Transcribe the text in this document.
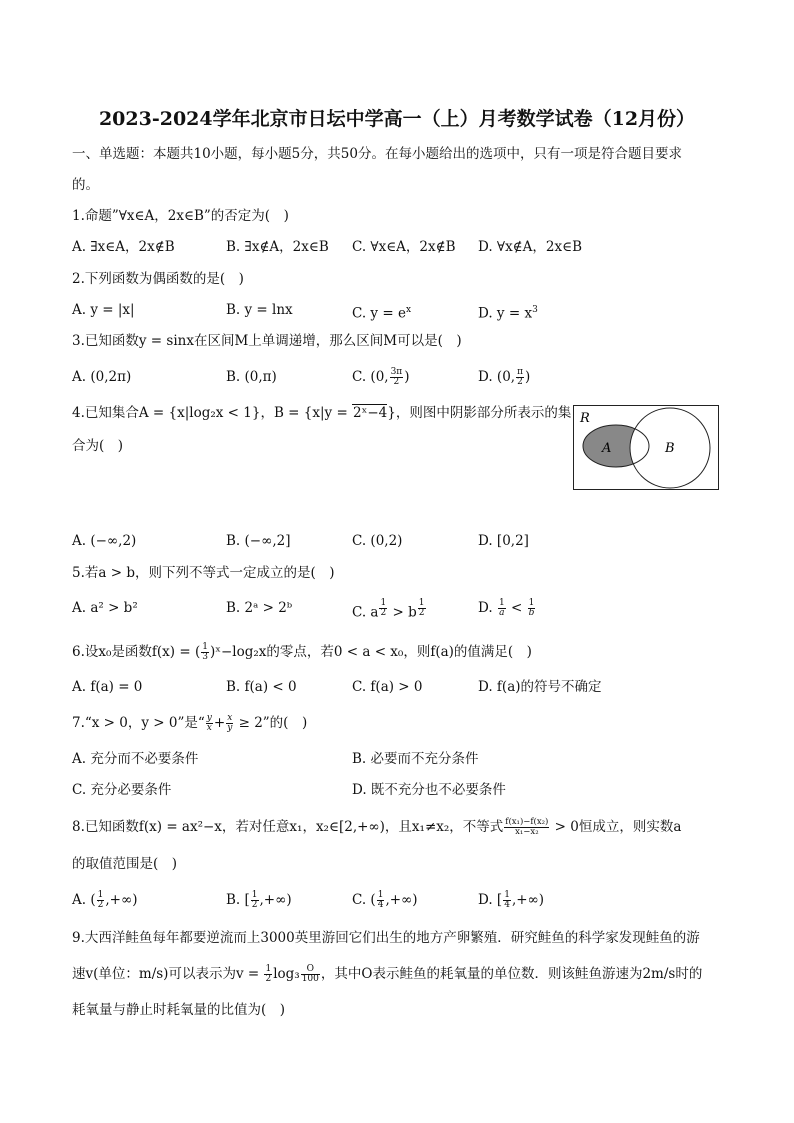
2023-2024学年北京市日坛中学高一（上）月考数学试卷（12月份）
一、单选题：本题共10小题，每小题5分，共50分。在每小题给出的选项中，只有一项是符合题目要求
的。
1.命题”∀x∈A，2x∈B”的否定为(　)
A. ∃x∈A，2x∉B	B. ∃x∉A，2x∈B C. ∀x∈A，2x∉B D. ∀x∉A，2x∈B
2.下列函数为偶函数的是(　)
A. y = |x|	B. y = lnx	C. $y = e^x$	D. $y = x^3$
3.已知函数y = sinx在区间M上单调递增，那么区间M可以是(　)
A. (0,2π)	B. (0,π)	C. (0, $\frac{3\pi}{2}$ )	D. (0, $\frac{\pi}{2}$ )
4.已知集合A = {x|log₂x < 1}，B = {x|y = 2ˣ−4}，则图中阴影部分所表示的集
合为(　)
R
A	B
A. (−∞,2)	B. (−∞,2]	C. (0,2)	D. [0,2]
5.若a > b，则下列不等式一定成立的是(　)
A. a² > b²	B. 2ᵃ > 2ᵇ	C. a $^{\frac{1}{2}}$ > b $^{\frac{1}{2}}$	D. $\frac{1}{a} < \frac{1}{b}$
6.设x₀是函数f(x) = ( $\frac{1}{3}$ )ˣ−log₂x的零点，若0 < a < x₀，则f(a)的值满足(　)
A. f(a) = 0	B. f(a) < 0	C. f(a) > 0	D. f(a)的符号不确定
7.“x > 0，y > 0”是“ $\frac{y}{x} + \frac{x}{y} \ge 2$”的(　)
A. 充分而不必要条件	B. 必要而不充分条件
C. 充分必要条件	D. 既不充分也不必要条件
8.已知函数f(x) = ax²−x，若对任意x₁，x₂∈[2,+∞)，且x₁≠x₂，不等式 $\frac{\text{f(x₁)−f(x₂)}}{\text{x₁−x₂}} > 0$恒成立，则实数a
的取值范围是(　)
A. ( $\frac{1}{2}$ ,+∞)	B. [ $\frac{1}{2}$ ,+∞)	C. ( $\frac{1}{4}$ ,+∞)	D. [ $\frac{1}{4}$ ,+∞)
9.大西洋鲑鱼每年都要逆流而上3000英里游回它们出生的地方产卵繁殖．研究鲑鱼的科学家发现鲑鱼的游
速v(单位：m/s)可以表示为$v = \frac{1}{2} \log_3 \frac{O}{100}$ ，其中O表示鲑鱼的耗氧量的单位数．则该鲑鱼游速为2m/s时的
耗氧量与静止时耗氧量的比值为(　)
